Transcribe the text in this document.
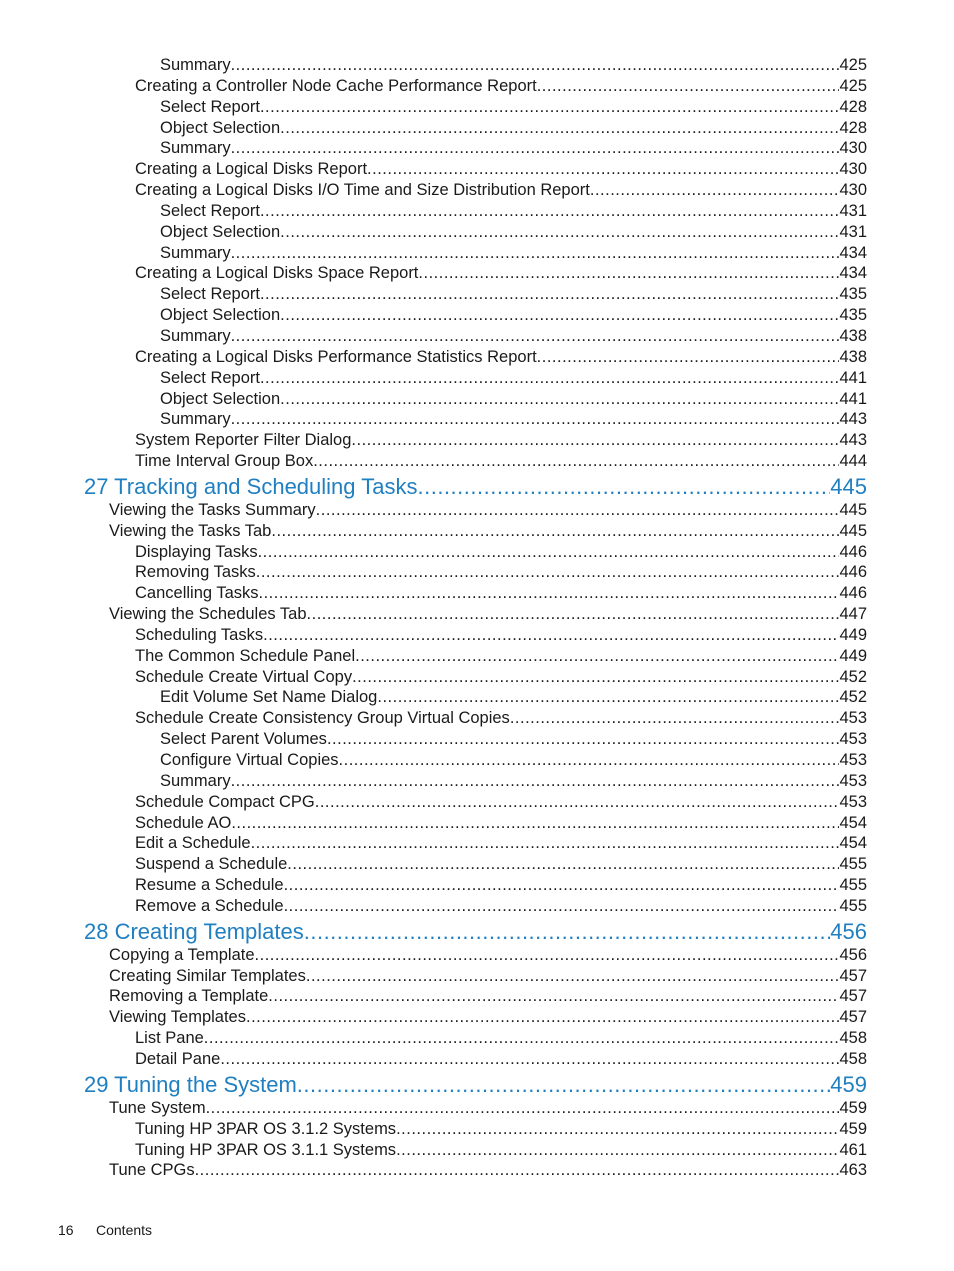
Summary .....	425
Creating a Controller Node Cache Performance Report .....	425
Select Report .....	428
Object Selection .....	428
Summary .....	430
Creating a Logical Disks Report .....	430
Creating a Logical Disks I/O Time and Size Distribution Report .....	430
Select Report .....	431
Object Selection .....	431
Summary .....	434
Creating a Logical Disks Space Report .....	434
Select Report .....	435
Object Selection .....	435
Summary .....	438
Creating a Logical Disks Performance Statistics Report .....	438
Select Report .....	441
Object Selection .....	441
Summary .....	443
System Reporter Filter Dialog .....	443
Time Interval Group Box .....	444
27 Tracking and Scheduling Tasks .....	445
Viewing the Tasks Summary .....	445
Viewing the Tasks Tab .....	445
Displaying Tasks .....	446
Removing Tasks .....	446
Cancelling Tasks .....	446
Viewing the Schedules Tab .....	447
Scheduling Tasks .....	449
The Common Schedule Panel .....	449
Schedule Create Virtual Copy .....	452
Edit Volume Set Name Dialog .....	452
Schedule Create Consistency Group Virtual Copies .....	453
Select Parent Volumes .....	453
Configure Virtual Copies .....	453
Summary .....	453
Schedule Compact CPG .....	453
Schedule AO .....	454
Edit a Schedule .....	454
Suspend a Schedule .....	455
Resume a Schedule .....	455
Remove a Schedule .....	455
28 Creating Templates .....	456
Copying a Template .....	456
Creating Similar Templates .....	457
Removing a Template .....	457
Viewing Templates .....	457
List Pane .....	458
Detail Pane .....	458
29 Tuning the System .....	459
Tune System .....	459
Tuning HP 3PAR OS 3.1.2 Systems .....	459
Tuning HP 3PAR OS 3.1.1 Systems .....	461
Tune CPGs .....	463
16 Contents
